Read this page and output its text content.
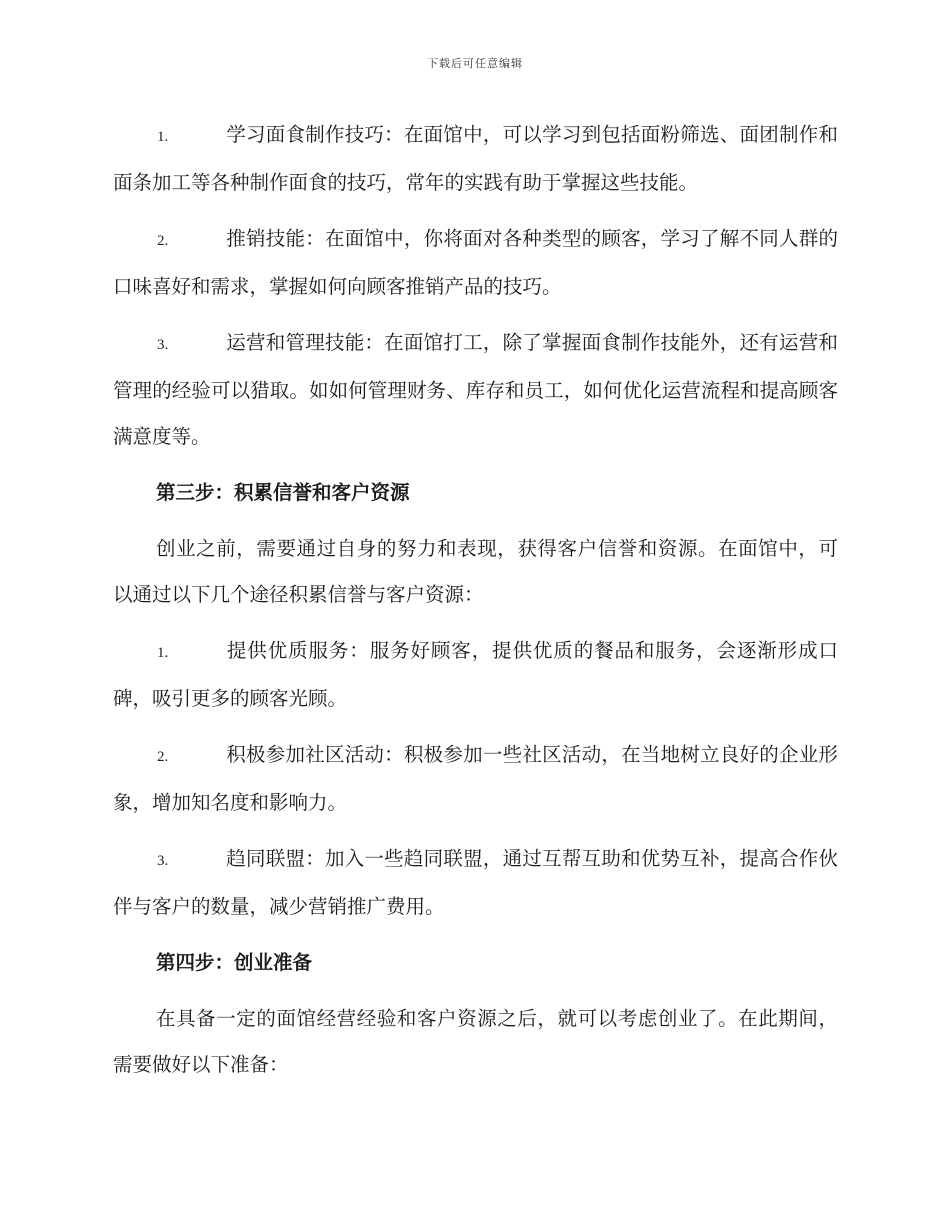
下载后可任意编辑

1.	学习面食制作技巧：在面馆中，可以学习到包括面粉筛选、面团制作和面条加工等各种制作面食的技巧，常年的实践有助于掌握这些技能。

2.	推销技能：在面馆中，你将面对各种类型的顾客，学习了解不同人群的口味喜好和需求，掌握如何向顾客推销产品的技巧。

3.	运营和管理技能：在面馆打工，除了掌握面食制作技能外，还有运营和管理的经验可以猎取。如如何管理财务、库存和员工，如何优化运营流程和提高顾客满意度等。

第三步：积累信誉和客户资源

创业之前，需要通过自身的努力和表现，获得客户信誉和资源。在面馆中，可以通过以下几个途径积累信誉与客户资源：

1.	提供优质服务：服务好顾客，提供优质的餐品和服务，会逐渐形成口碑，吸引更多的顾客光顾。

2.	积极参加社区活动：积极参加一些社区活动，在当地树立良好的企业形象，增加知名度和影响力。

3.	趋同联盟：加入一些趋同联盟，通过互帮互助和优势互补，提高合作伙伴与客户的数量，减少营销推广费用。

第四步：创业准备

在具备一定的面馆经营经验和客户资源之后，就可以考虑创业了。在此期间，需要做好以下准备：
